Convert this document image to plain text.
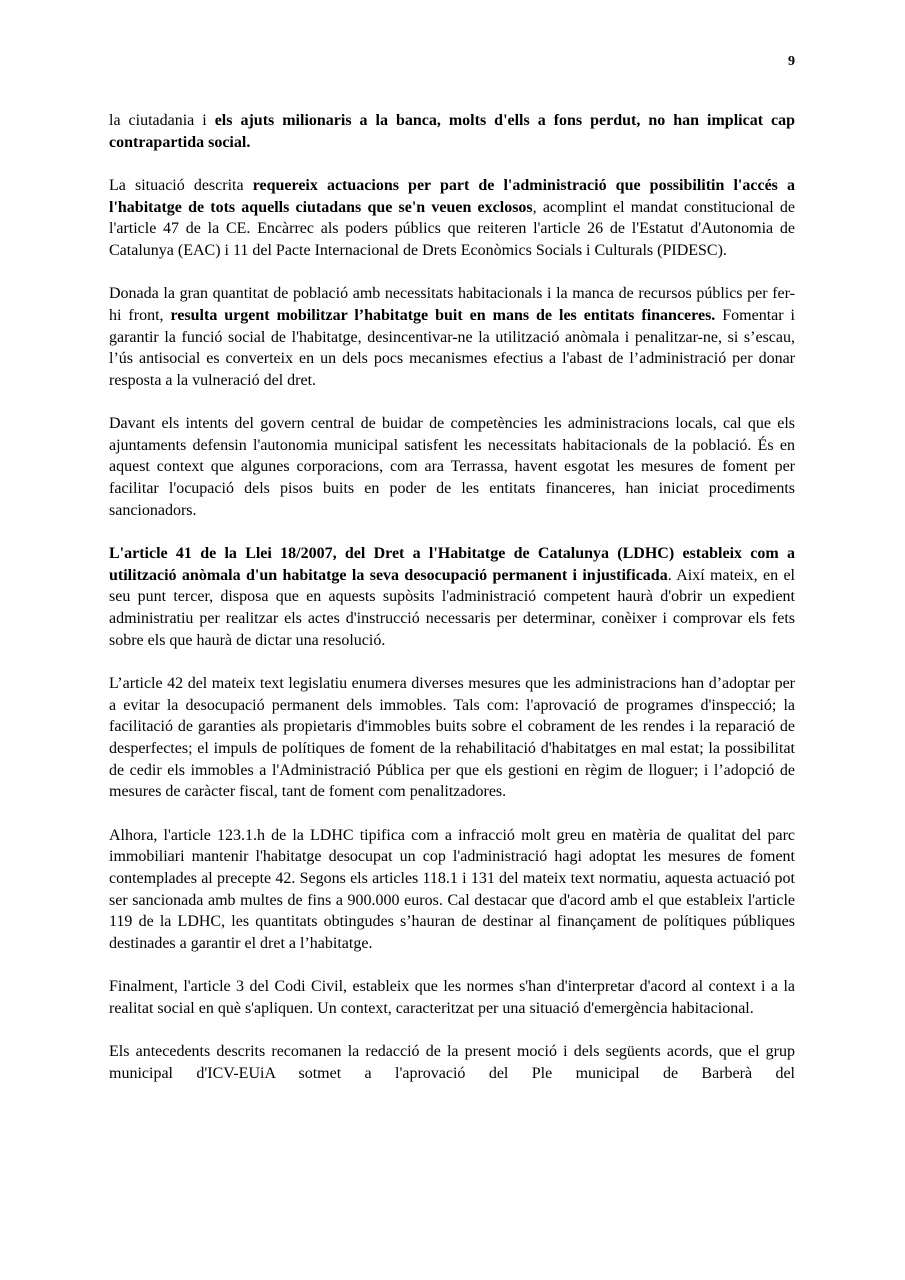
9

la ciutadania i els ajuts milionaris a la banca, molts d'ells a fons perdut, no han implicat cap contrapartida social.

La situació descrita requereix actuacions per part de l'administració que possibilitin l'accés a l'habitatge de tots aquells ciutadans que se'n veuen exclosos, acomplint el mandat constitucional de l'article 47 de la CE. Encàrrec als poders públics que reiteren l'article 26 de l'Estatut d'Autonomia de Catalunya (EAC) i 11 del Pacte Internacional de Drets Econòmics Socials i Culturals (PIDESC).

Donada la gran quantitat de població amb necessitats habitacionals i la manca de recursos públics per fer-hi front, resulta urgent mobilitzar l’habitatge buit en mans de les entitats financeres. Fomentar i garantir la funció social de l'habitatge, desincentivar-ne la utilització anòmala i penalitzar-ne, si s’escau, l’ús antisocial es converteix en un dels pocs mecanismes efectius a l'abast de l’administració per donar resposta a la vulneració del dret.

Davant els intents del govern central de buidar de competències les administracions locals, cal que els ajuntaments defensin l'autonomia municipal satisfent les necessitats habitacionals de la població. És en aquest context que algunes corporacions, com ara Terrassa, havent esgotat les mesures de foment per facilitar l'ocupació dels pisos buits en poder de les entitats financeres, han iniciat procediments sancionadors.

L'article 41 de la Llei 18/2007, del Dret a l'Habitatge de Catalunya (LDHC) estableix com a utilització anòmala d'un habitatge la seva desocupació permanent i injustificada. Així mateix, en el seu punt tercer, disposa que en aquests supòsits l'administració competent haurà d'obrir un expedient administratiu per realitzar els actes d'instrucció necessaris per determinar, conèixer i comprovar els fets sobre els que haurà de dictar una resolució.

L’article 42 del mateix text legislatiu enumera diverses mesures que les administracions han d’adoptar per a evitar la desocupació permanent dels immobles. Tals com: l'aprovació de programes d'inspecció; la facilitació de garanties als propietaris d'immobles buits sobre el cobrament de les rendes i la reparació de desperfectes; el impuls de polítiques de foment de la rehabilitació d'habitatges en mal estat; la possibilitat de cedir els immobles a l'Administració Pública per que els gestioni en règim de lloguer; i l’adopció de mesures de caràcter fiscal, tant de foment com penalitzadores.

Alhora, l'article 123.1.h de la LDHC tipifica com a infracció molt greu en matèria de qualitat del parc immobiliari mantenir l'habitatge desocupat un cop l'administració hagi adoptat les mesures de foment contemplades al precepte 42. Segons els articles 118.1 i 131 del mateix text normatiu, aquesta actuació pot ser sancionada amb multes de fins a 900.000 euros. Cal destacar que d'acord amb el que estableix l'article 119 de la LDHC, les quantitats obtingudes s’hauran de destinar al finançament de polítiques públiques destinades a garantir el dret a l’habitatge.

Finalment, l'article 3 del Codi Civil, estableix que les normes s'han d'interpretar d'acord al context i a la realitat social en què s'apliquen. Un context, caracteritzat per una situació d'emergència habitacional.

Els antecedents descrits recomanen la redacció de la present moció i dels següents acords, que el grup municipal d'ICV-EUiA sotmet a l'aprovació del Ple municipal de Barberà del
